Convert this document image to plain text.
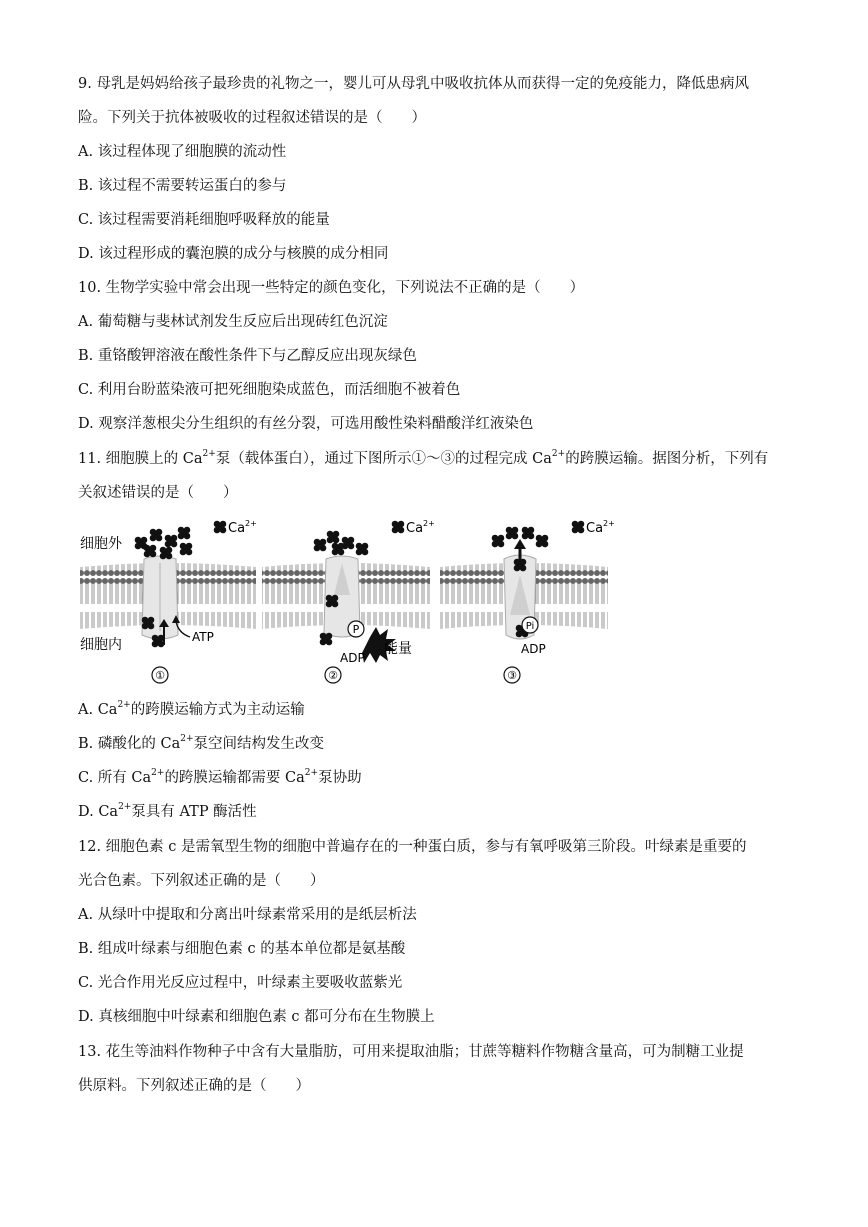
9. 母乳是妈妈给孩子最珍贵的礼物之一，婴儿可从母乳中吸收抗体从而获得一定的免疫能力，降低患病风
险。下列关于抗体被吸收的过程叙述错误的是（　　）
A. 该过程体现了细胞膜的流动性
B. 该过程不需要转运蛋白的参与
C. 该过程需要消耗细胞呼吸释放的能量
D. 该过程形成的囊泡膜的成分与核膜的成分相同
10. 生物学实验中常会出现一些特定的颜色变化，下列说法不正确的是（　　）
A. 葡萄糖与斐林试剂发生反应后出现砖红色沉淀
B. 重铬酸钾溶液在酸性条件下与乙醇反应出现灰绿色
C. 利用台盼蓝染液可把死细胞染成蓝色，而活细胞不被着色
D. 观察洋葱根尖分生组织的有丝分裂，可选用酸性染料醋酸洋红液染色
11. 细胞膜上的 $Ca^{2+}$泵（载体蛋白），通过下图所示①～③的过程完成 $Ca^{2+}$的跨膜运输。据图分析，下列有
关叙述错误的是（　　）
细胞外
细胞内
$Ca^{2+}$
ATP
①
P
$Ca^{2+}$
能量
ADP
②
Pi
$Ca^{2+}$
ADP
③
A. $Ca^{2+}$的跨膜运输方式为主动运输
B. 磷酸化的 $Ca^{2+}$泵空间结构发生改变
C. 所有 $Ca^{2+}$的跨膜运输都需要 $Ca^{2+}$泵协助
D. $Ca^{2+}$泵具有 ATP 酶活性
12. 细胞色素 c 是需氧型生物的细胞中普遍存在的一种蛋白质，参与有氧呼吸第三阶段。叶绿素是重要的
光合色素。下列叙述正确的是（　　）
A. 从绿叶中提取和分离出叶绿素常采用的是纸层析法
B. 组成叶绿素与细胞色素 c 的基本单位都是氨基酸
C. 光合作用光反应过程中，叶绿素主要吸收蓝紫光
D. 真核细胞中叶绿素和细胞色素 c 都可分布在生物膜上
13. 花生等油料作物种子中含有大量脂肪，可用来提取油脂；甘蔗等糖料作物糖含量高，可为制糖工业提
供原料。下列叙述正确的是（　　）
